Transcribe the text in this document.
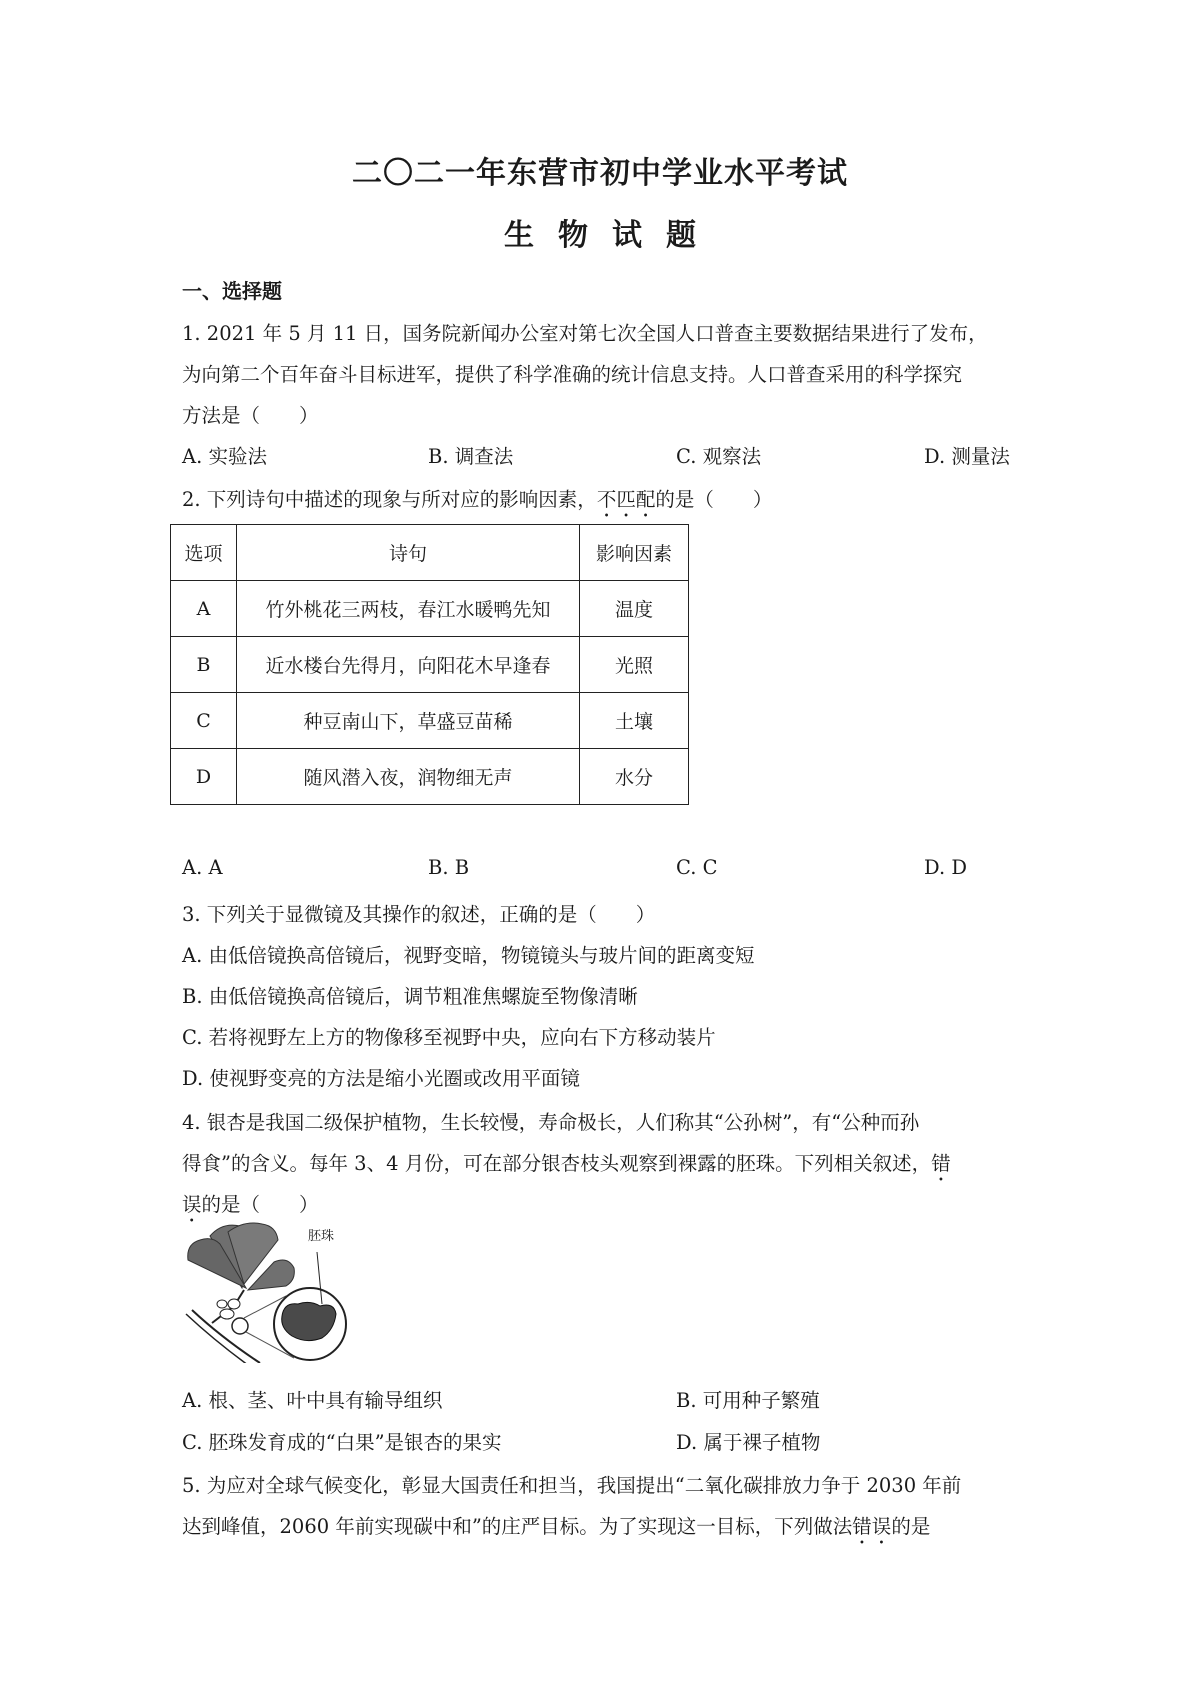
二〇二一年东营市初中学业水平考试
生物试题
一、选择题
1. 2021 年 5 月 11 日，国务院新闻办公室对第七次全国人口普查主要数据结果进行了发布，
为向第二个百年奋斗目标进军，提供了科学准确的统计信息支持。人口普查采用的科学探究
方法是（　　）
A. 实验法	B. 调查法	C. 观察法	D. 测量法
2. 下列诗句中描述的现象与所对应的影响因素，不匹配的是（　　）
选项	诗句	影响因素
A	竹外桃花三两枝，春江水暖鸭先知	温度
B	近水楼台先得月，向阳花木早逢春	光照
C	种豆南山下，草盛豆苗稀	土壤
D	随风潜入夜，润物细无声	水分
A. A	B. B	C. C	D. D
3. 下列关于显微镜及其操作的叙述，正确的是（　　）
A. 由低倍镜换高倍镜后，视野变暗，物镜镜头与玻片间的距离变短
B. 由低倍镜换高倍镜后，调节粗准焦螺旋至物像清晰
C. 若将视野左上方的物像移至视野中央，应向右下方移动装片
D. 使视野变亮的方法是缩小光圈或改用平面镜
4. 银杏是我国二级保护植物，生长较慢，寿命极长，人们称其“公孙树”，有“公种而孙
得食”的含义。每年 3、4 月份，可在部分银杏枝头观察到裸露的胚珠。下列相关叙述，错
误的是（　　）
胚珠
A. 根、茎、叶中具有输导组织	B. 可用种子繁殖
C. 胚珠发育成的“白果”是银杏的果实	D. 属于裸子植物
5. 为应对全球气候变化，彰显大国责任和担当，我国提出“二氧化碳排放力争于 2030 年前
达到峰值，2060 年前实现碳中和”的庄严目标。为了实现这一目标，下列做法错误的是
